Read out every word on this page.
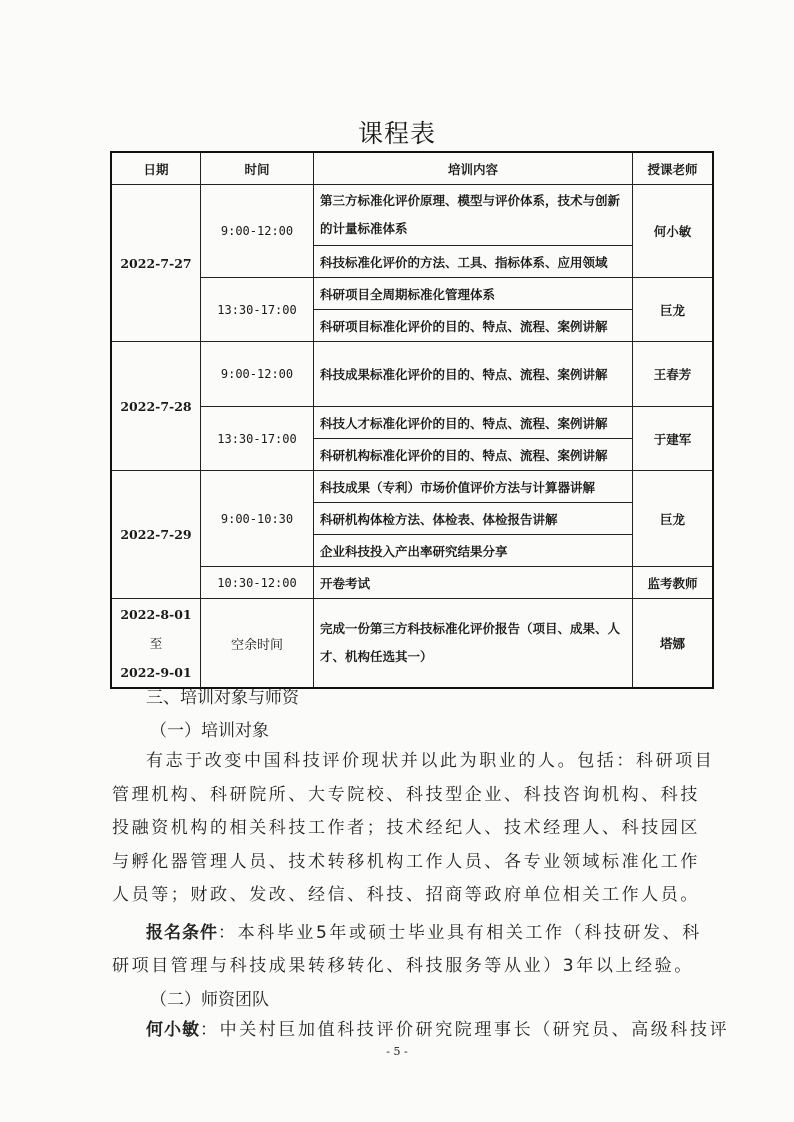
课程表
日期	时间	培训内容	授课老师
2022-7-27	9:00-12:00	第三方标准化评价原理、模型与评价体系，技术与创新的计量标准体系	何小敏

		科技标准化评价的方法、工具、指标体系、应用领域	
	13:30-17:00	科研项目全周期标准化管理体系	巨龙
		科研项目标准化评价的目的、特点、流程、案例讲解	
2022-7-28	9:00-12:00	科技成果标准化评价的目的、特点、流程、案例讲解	王春芳
	13:30-17:00	科技人才标准化评价的目的、特点、流程、案例讲解	于建军
		科研机构标准化评价的目的、特点、流程、案例讲解	
2022-7-29	9:00-10:30	科技成果（专利）市场价值评价方法与计算器讲解	巨龙
		科研机构体检方法、体检表、体检报告讲解	
		企业科技投入产出率研究结果分享	
	10:30-12:00	开卷考试	监考教师

2022-8-01
至
2022-9-01	空余时间	完成一份第三方科技标准化评价报告（项目、成果、人才、机构任选其一）	塔娜
三、培训对象与师资
（一）培训对象

有志于改变中国科技评价现状并以此为职业的人。包括：科研项目管理机构、科研院所、大专院校、科技型企业、科技咨询机构、科技投融资机构的相关科技工作者；技术经纪人、技术经理人、科技园区与孵化器管理人员、技术转移机构工作人员、各专业领域标准化工作人员等；财政、发改、经信、科技、招商等政府单位相关工作人员。

报名条件：本科毕业5年或硕士毕业具有相关工作（科技研发、科研项目管理与科技成果转移转化、科技服务等从业）3年以上经验。

（二）师资团队

何小敏：中关村巨加值科技评价研究院理事长（研究员、高级科技评

- 5 -
